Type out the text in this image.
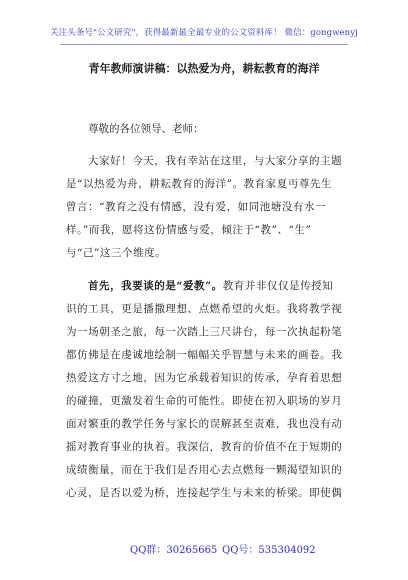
关注头条号"公文研究"，获得最新最全最专业的公文资料库！ 微信：gongwenyj
青年教师演讲稿：以热爱为舟，耕耘教育的海洋
尊敬的各位领导、老师：
大家好！今天，我有幸站在这里，与大家分享的主题
是“以热爱为舟，耕耘教育的海洋”。教育家夏丏尊先生
曾言：“教育之没有情感，没有爱，如同池塘没有水一
样。”而我，愿将这份情感与爱，倾注于“教”、“生”
与“己”这三个维度。
首先，我要谈的是“爱教”。教育并非仅仅是传授知
识的工具，更是播撒理想、点燃希望的火炬。我将教学视
为一场朝圣之旅，每一次踏上三尺讲台，每一次执起粉笔
都仿佛是在虔诚地绘制一幅幅关乎智慧与未来的画卷。我
热爱这方寸之地，因为它承载着知识的传承，孕育着思想
的碰撞，更激发着生命的可能性。即使在初入职场的岁月
面对繁重的教学任务与家长的误解甚至责难，我也没有动
摇对教育事业的执着。我深信，教育的价值不在于短期的
成绩衡量，而在于我们是否用心去点燃每一颗渴望知识的
心灵，是否以爱为桥，连接起学生与未来的桥梁。即使偶
QQ群：30265665 QQ号：535304092
